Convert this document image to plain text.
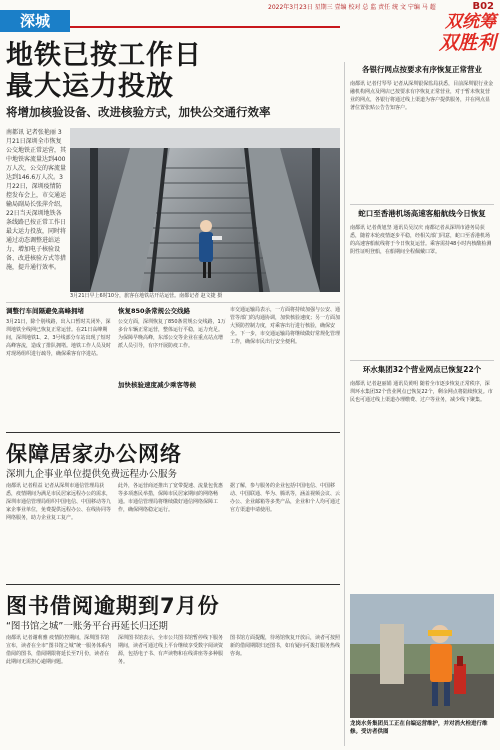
2022年3月23日 星期三 壹编 校对 总 监 责任 统 文 宁编 马 超	B02
深城	双统筹
双胜利
地铁已按工作日
最大运力投放
将增加核验设备、改进核验方式，加快公交通行效率
南都讯 记者张艳丽 3月21日深圳全市恢复公交地铁正常运营，其中地铁客流量达到400万人次，公交的客流量达到146.6万人次。3月22日，深圳疫情防控发布会上，市交通运输局副局长张萍介绍，22日当天深圳地铁各条线路已按正常工作日最大运力投放，同时将通过动态调整进站运力、增加电子核验设备、改进核验方式等措施，提升通行效率。
3月21日早上6时10分，旅客在地铁站开站运营。南都记者 赵文捷 摄
调整行车间隔避免高峰拥堵
3月21日，除个别线路，出入口暂时关闭外，深圳地铁全线网已恢复正常运营。在21日高峰期间，深圳地铁1、2、3号线部分车站出现了短时高峰客流，造成了排队拥堵。地铁工作人员及时对现场组织进行疏导，确保乘客有序进站。
恢复850条常规公交线路
公交方面，深圳恢复了850条常规公交线路，1万多台车辆正常运营，整体运行平稳，运力充足。为保障早晚高峰，东部公交等企业在重点站点增派人员引导，有序开展防疫工作。
加快核验速度减少乘客等候
市交通运输局表示，一方面将持续加强与公安、通管等部门的沟通协调，加快核验速度；另一方面加大预防控制力度，对乘客出行进行核验，确保安全。下一步，市交通运输局将继续做好常规化管理工作，确保市民出行安全便利。
保障居家办公网络
深圳九企事业单位提供免费远程办公服务
南都讯 记者程益 记者从深圳市通信管理局获悉，疫情期间为满足市民居家远程办公的需求，深圳市通信管理局组织中国电信、中国移动等九家企事业单位，免费提供远程办公、在线协同等网络服务，助力企业复工复产。
此外，各运营商还推出了宽带提速、流量包优惠等多项惠民举措，保障市民居家期间的网络畅通。市通信管理局将继续做好通信网络保障工作，确保网络稳定运行。
据了解，参与服务的企业包括中国电信、中国移动、中国联通、华为、腾讯等，涵盖视频会议、云办公、企业邮箱等多类产品，企业和个人均可通过官方渠道申请使用。
图书借阅逾期到7月份
“图书馆之城”一账务平台再延长归还期
南都讯 记者谢莉雅 疫情防控期间，深圳图书馆宣布，读者在全市“图书馆之城”统一服务体系内借阅的图书，借阅期限将延长至7月份，读者在此期间无需担心逾期问题。
深圳图书馆表示，全市公共图书馆暂停线下服务期间，读者可通过线上平台继续享受数字阅读资源，包括电子书、有声读物和在线讲座等多种服务。
图书馆方面提醒，待场馆恢复开放后，读者可按照新的借阅期限归还图书，如有疑问可拨打服务热线咨询。
各银行网点按要求有序恢复正常营业
南都讯 记者付琴琴 记者从深圳银保监局获悉，目前深圳银行业金融机构网点及网店已按要求有序恢复正常营业，对于暂未恢复营业的网点，各银行将通过线上渠道为客户提供服务，并在网点显著位置张贴公告告知客户。
蛇口至香港机场高速客船航线今日恢复
南都讯 记者黄旭坚 通讯员吴汉庆 南都记者从深圳市港务局获悉，随着本轮疫情逐步平稳，经相关部门同意，蛇口至香港机场的高速客船航线将于今日恢复运营。乘客需持48小时内核酸检测阴性证明登船，在船期间全程佩戴口罩。
环水集团32个营业网点已恢复22个
南都讯 记者赵丽娟 通讯员黄明 随着全市逐步恢复正常秩序，深圳环水集团32个营业网点已恢复22个，剩余网点将陆续恢复。市民也可通过线上渠道办理缴费、过户等业务，减少线下聚集。
龙岗水务集团员工正在自编运营维护，并对消火栓进行维修。受访者供图
